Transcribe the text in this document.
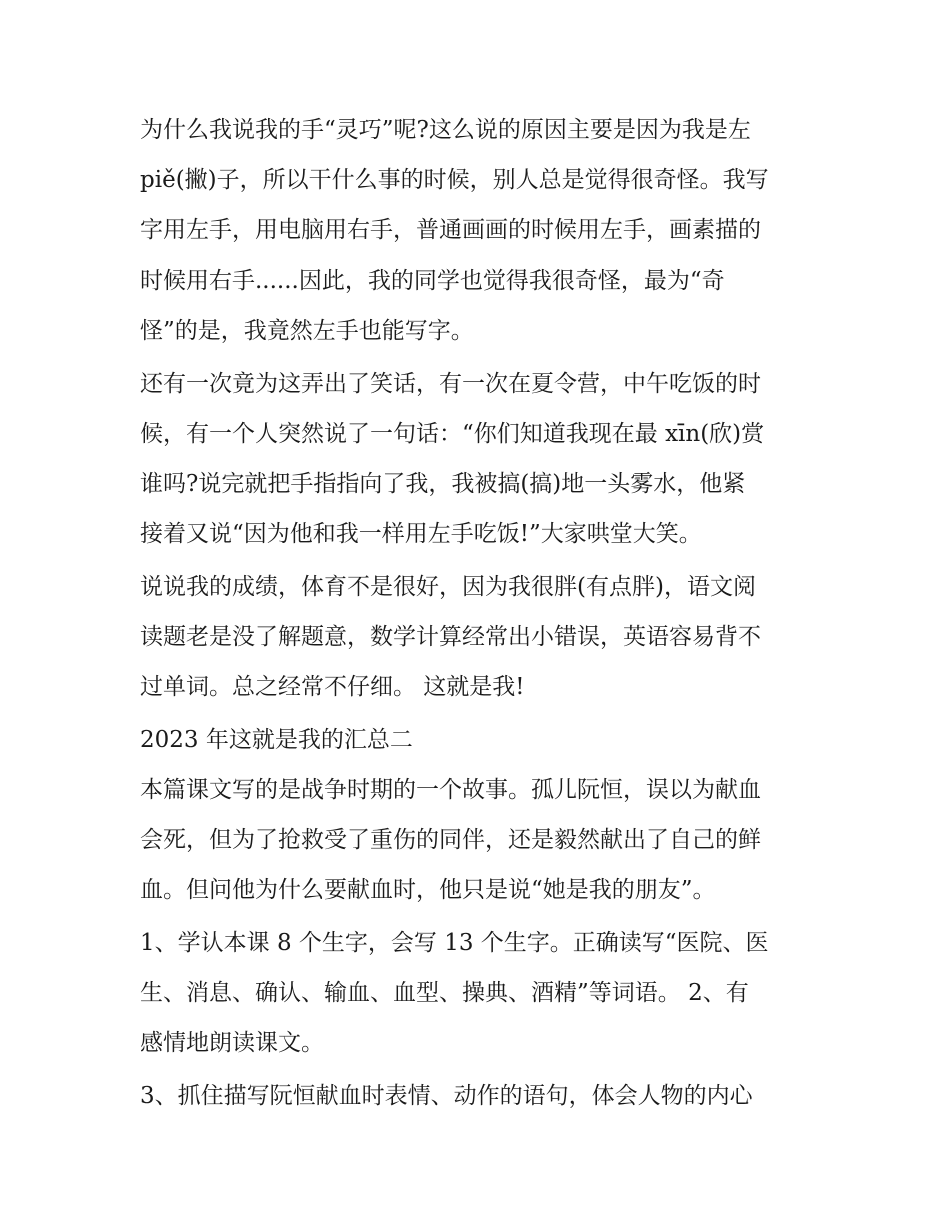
为什么我说我的手“灵巧”呢?这么说的原因主要是因为我是左

piě(撇)子，所以干什么事的时候，别人总是觉得很奇怪。我写

字用左手，用电脑用右手，普通画画的时候用左手，画素描的

时候用右手......因此，我的同学也觉得我很奇怪，最为“奇

怪”的是，我竟然左手也能写字。

还有一次竟为这弄出了笑话，有一次在夏令营，中午吃饭的时

候，有一个人突然说了一句话：“你们知道我现在最 xīn(欣)赏

谁吗?说完就把手指指向了我，我被搞(搞)地一头雾水，他紧

接着又说“因为他和我一样用左手吃饭!”大家哄堂大笑。

说说我的成绩，体育不是很好，因为我很胖(有点胖)，语文阅

读题老是没了解题意，数学计算经常出小错误，英语容易背不

过单词。总之经常不仔细。 这就是我!

2023 年这就是我的汇总二

本篇课文写的是战争时期的一个故事。孤儿阮恒，误以为献血

会死，但为了抢救受了重伤的同伴，还是毅然献出了自己的鲜

血。但问他为什么要献血时，他只是说“她是我的朋友”。

1、学认本课 8 个生字，会写 13 个生字。正确读写“医院、医

生、消息、确认、输血、血型、操典、酒精”等词语。 2、有

感情地朗读课文。

3、抓住描写阮恒献血时表情、动作的语句，体会人物的内心
